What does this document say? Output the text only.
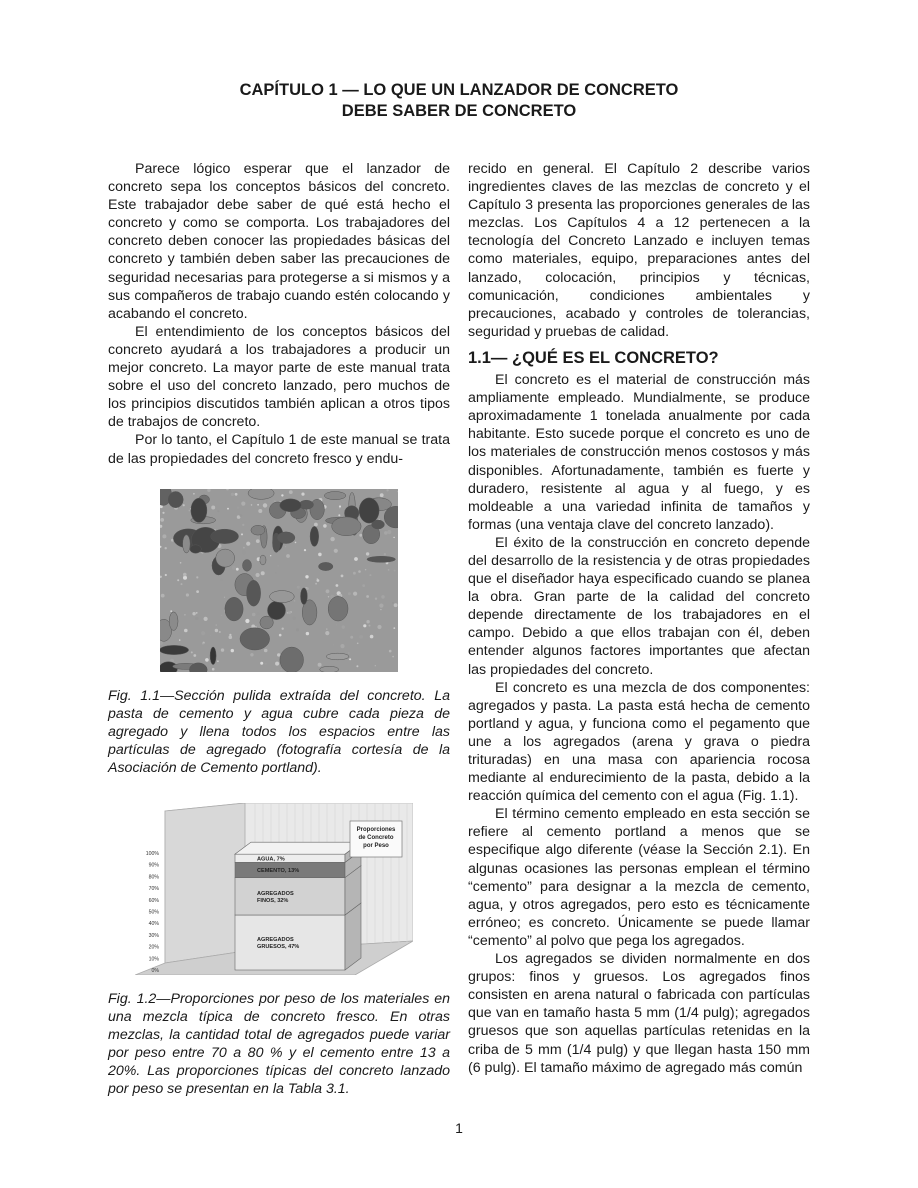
CAPÍTULO 1 — LO QUE UN LANZADOR DE CONCRETO
DEBE SABER DE CONCRETO

Parece lógico esperar que el lanzador de concreto sepa los conceptos básicos del concreto. Este trabajador debe saber de qué está hecho el concreto y como se comporta. Los trabajadores del concreto deben conocer las propiedades básicas del concreto y también deben saber las precauciones de seguridad necesarias para protegerse a si mismos y a sus compañeros de trabajo cuando estén colocando y acabando el concreto.

El entendimiento de los conceptos básicos del concreto ayudará a los trabajadores a producir un mejor concreto. La mayor parte de este manual trata sobre el uso del concreto lanzado, pero muchos de los principios discutidos también aplican a otros tipos de trabajos de concreto.

Por lo tanto, el Capítulo 1 de este manual se trata de las propiedades del concreto fresco y endu-

Fig. 1.1—Sección pulida extraída del concreto. La pasta de cemento y agua cubre cada pieza de agregado y llena todos los espacios entre las partículas de agregado (fotografía cortesía de la Asociación de Cemento portland).
100%
90%
80%
70%
60%
50%
40%
30%
20%
10%
0%
AGREGADOS
GRUESOS, 47%
AGREGADOS
FINOS, 32%
CEMENTO, 13%
AGUA, 7%
Proporciones
de Concreto
por Peso
Fig. 1.2—Proporciones por peso de los materiales en una mezcla típica de concreto fresco. En otras mezclas, la cantidad total de agregados puede variar por peso entre 70 a 80 % y el cemento entre 13 a 20%. Las proporciones típicas del concreto lanzado por peso se presentan en la Tabla 3.1.

recido en general. El Capítulo 2 describe varios ingredientes claves de las mezclas de concreto y el Capítulo 3 presenta las proporciones generales de las mezclas. Los Capítulos 4 a 12 pertenecen a la tecnología del Concreto Lanzado e incluyen temas como materiales, equipo, preparaciones antes del lanzado, colocación, principios y técnicas, comunicación, condiciones ambientales y precauciones, acabado y controles de tolerancias, seguridad y pruebas de calidad.

1.1— ¿QUÉ ES EL CONCRETO?

El concreto es el material de construcción más ampliamente empleado. Mundialmente, se produce aproximadamente 1 tonelada anualmente por cada habitante. Esto sucede porque el concreto es uno de los materiales de construcción menos costosos y más disponibles. Afortunadamente, también es fuerte y duradero, resistente al agua y al fuego, y es moldeable a una variedad infinita de tamaños y formas (una ventaja clave del concreto lanzado).

El éxito de la construcción en concreto depende del desarrollo de la resistencia y de otras propiedades que el diseñador haya especificado cuando se planea la obra. Gran parte de la calidad del concreto depende directamente de los trabajadores en el campo. Debido a que ellos trabajan con él, deben entender algunos factores importantes que afectan las propiedades del concreto.

El concreto es una mezcla de dos componentes: agregados y pasta. La pasta está hecha de cemento portland y agua, y funciona como el pegamento que une a los agregados (arena y grava o piedra trituradas) en una masa con apariencia rocosa mediante al endurecimiento de la pasta, debido a la reacción química del cemento con el agua (Fig. 1.1).

El término cemento empleado en esta sección se refiere al cemento portland a menos que se especifique algo diferente (véase la Sección 2.1). En algunas ocasiones las personas emplean el término “cemento” para designar a la mezcla de cemento, agua, y otros agregados, pero esto es técnicamente erróneo; es concreto. Únicamente se puede llamar “cemento” al polvo que pega los agregados.

Los agregados se dividen normalmente en dos grupos: finos y gruesos. Los agregados finos consisten en arena natural o fabricada con partículas que van en tamaño hasta 5 mm (1/4 pulg); agregados gruesos que son aquellas partículas retenidas en la criba de 5 mm (1/4 pulg) y que llegan hasta 150 mm (6 pulg). El tamaño máximo de agregado más común

1
